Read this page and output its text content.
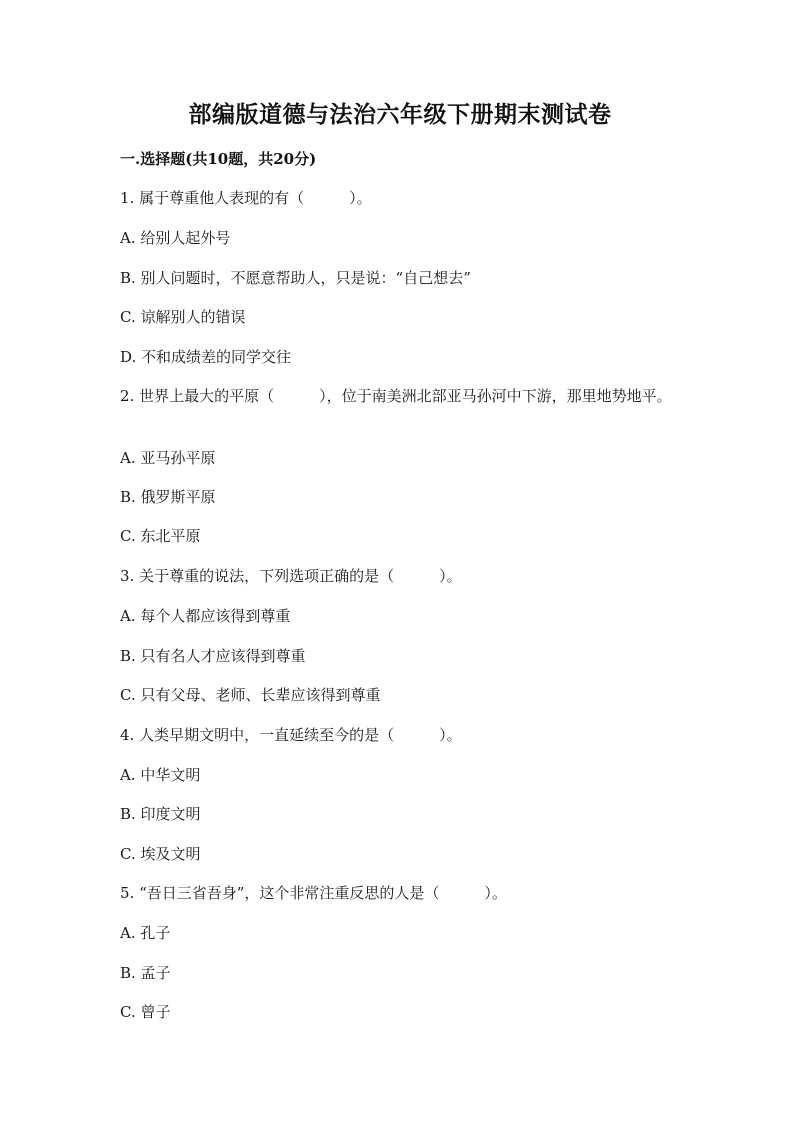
部编版道德与法治六年级下册期末测试卷
一.选择题(共10题，共20分)
1. 属于尊重他人表现的有（　　　）。
A. 给别人起外号
B. 别人问题时，不愿意帮助人，只是说：“自己想去”
C. 谅解别人的错误
D. 不和成绩差的同学交往
2. 世界上最大的平原（　　　），位于南美洲北部亚马孙河中下游，那里地势地平。
A. 亚马孙平原
B. 俄罗斯平原
C. 东北平原
3. 关于尊重的说法，下列选项正确的是（　　　）。
A. 每个人都应该得到尊重
B. 只有名人才应该得到尊重
C. 只有父母、老师、长辈应该得到尊重
4. 人类早期文明中，一直延续至今的是（　　　）。
A. 中华文明
B. 印度文明
C. 埃及文明
5. “吾日三省吾身”，这个非常注重反思的人是（　　　）。
A. 孔子
B. 孟子
C. 曾子
